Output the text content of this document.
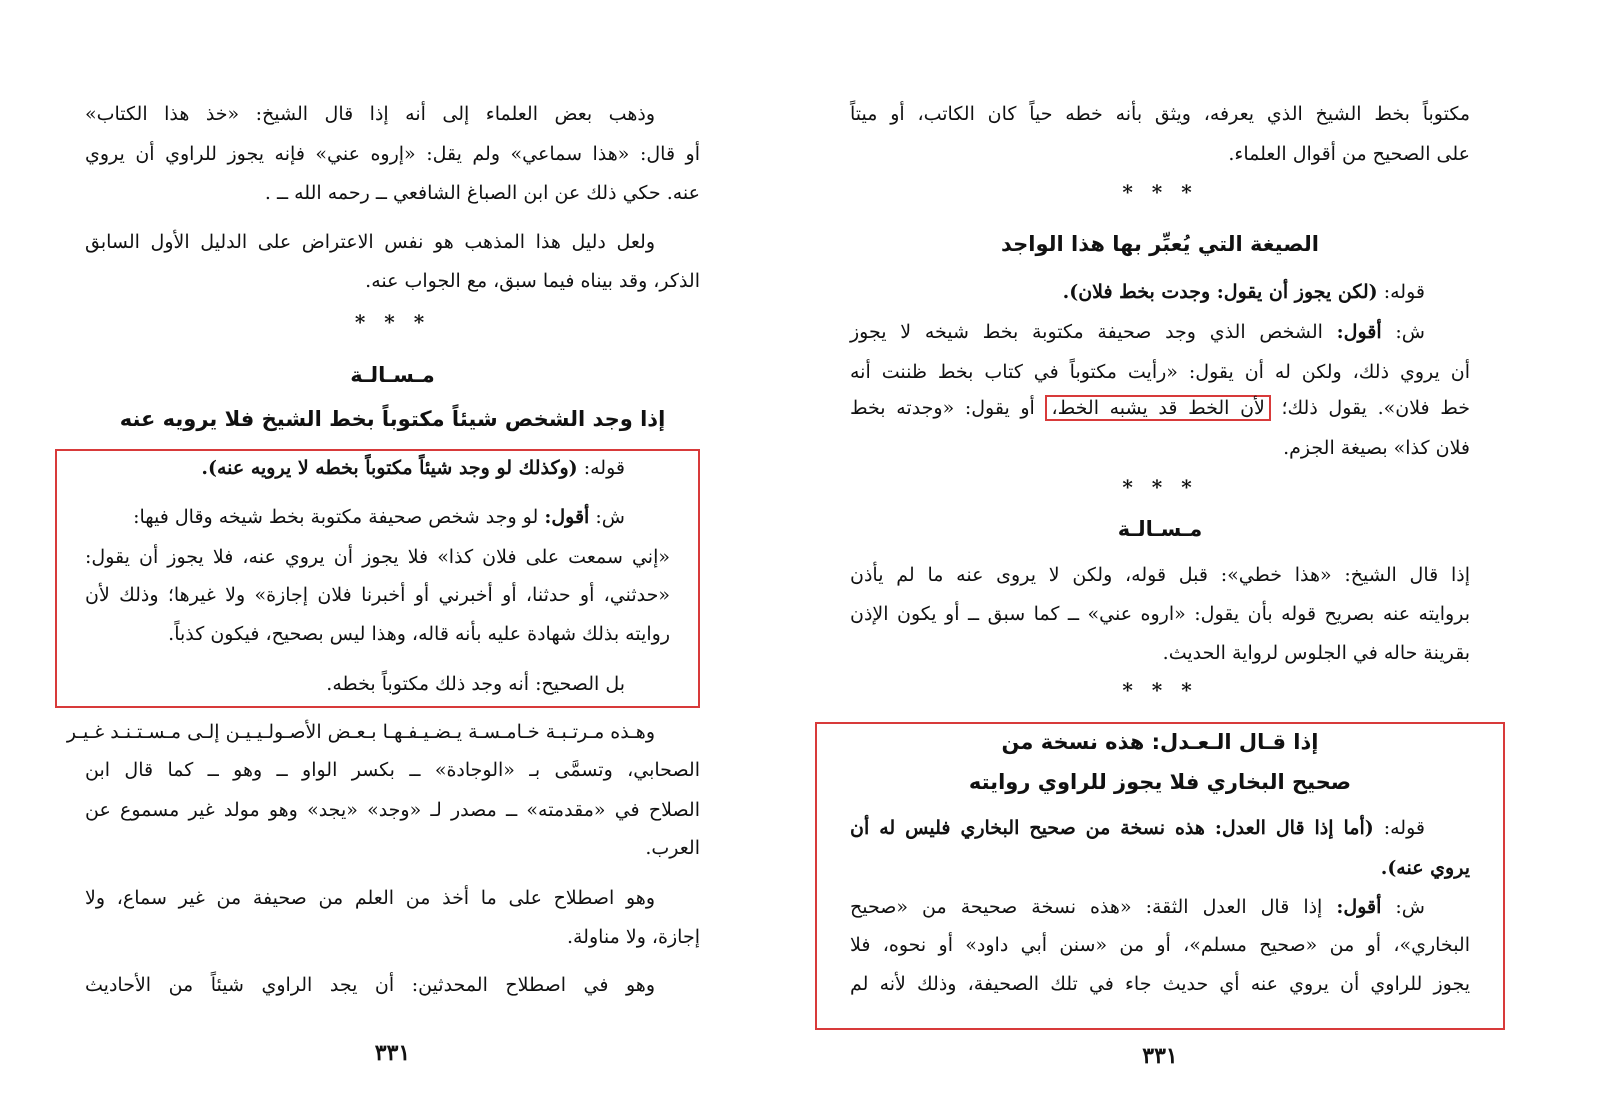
مكتوباً بخط الشيخ الذي يعرفه، ويثق بأنه خطه حياً كان الكاتب، أو ميتاً

على الصحيح من أقوال العلماء.

* * *
الصيغة التي يُعبِّر بها هذا الواجد

قوله: (لكن يجوز أن يقول: وجدت بخط فلان).

ش: أقول: الشخص الذي وجد صحيفة مكتوبة بخط شيخه لا يجوز

أن يروي ذلك، ولكن له أن يقول: «رأيت مكتوباً في كتاب بخط ظننت أنه

خط فلان». يقول ذلك؛ لأن الخط قد يشبه الخط، أو يقول: «وجدته بخط

فلان كذا» بصيغة الجزم.

* * *
مـسـالـة

إذا قال الشيخ: «هذا خطي»: قبل قوله، ولكن لا يروى عنه ما لم يأذن

بروايته عنه بصريح قوله بأن يقول: «اروه عني» ــ كما سبق ــ أو يكون الإذن

بقرينة حاله في الجلوس لرواية الحديث.

* * *
إذا قـال الـعـدل: هذه نسخة من
صحيح البخاري فلا يجوز للراوي روايته

قوله: (أما إذا قال العدل: هذه نسخة من صحيح البخاري فليس له أن

يروي عنه).

ش: أقول: إذا قال العدل الثقة: «هذه نسخة صحيحة من «صحيح

البخاري»، أو من «صحيح مسلم»، أو من «سنن أبي داود» أو نحوه، فلا

يجوز للراوي أن يروي عنه أي حديث جاء في تلك الصحيفة، وذلك لأنه لم

٣٣١

وذهب بعض العلماء إلى أنه إذا قال الشيخ: «خذ هذا الكتاب»

أو قال: «هذا سماعي» ولم يقل: «إروه عني» فإنه يجوز للراوي أن يروي

عنه. حكي ذلك عن ابن الصباغ الشافعي ــ رحمه الله ــ .

ولعل دليل هذا المذهب هو نفس الاعتراض على الدليل الأول السابق

الذكر، وقد بيناه فيما سبق، مع الجواب عنه.

* * *
مـسـالـة
إذا وجد الشخص شيئاً مكتوباً بخط الشيخ فلا يرويه عنه

قوله: (وكذلك لو وجد شيئاً مكتوباً بخطه لا يرويه عنه).

ش: أقول: لو وجد شخص صحيفة مكتوبة بخط شيخه وقال فيها:

«إني سمعت على فلان كذا» فلا يجوز أن يروي عنه، فلا يجوز أن يقول:

«حدثني، أو حدثنا، أو أخبرني أو أخبرنا فلان إجازة» ولا غيرها؛ وذلك لأن

روايته بذلك شهادة عليه بأنه قاله، وهذا ليس بصحيح، فيكون كذباً.

بل الصحيح: أنه وجد ذلك مكتوباً بخطه.

وهـذه مـرتـبـة خـامـسـة يـضـيـفـهـا بـعـض الأصـولـيـيـن إلـى مـسـتـنـد غـيـر

الصحابي، وتسمَّى بـ «الوجادة» ــ بكسر الواو ــ وهو ــ كما قال ابن

الصلاح في «مقدمته» ــ مصدر لـ «وجد» «يجد» وهو مولد غير مسموع عن

العرب.

وهو اصطلاح على ما أخذ من العلم من صحيفة من غير سماع، ولا

إجازة، ولا مناولة.

وهو في اصطلاح المحدثين: أن يجد الراوي شيئاً من الأحاديث

٣٣١
